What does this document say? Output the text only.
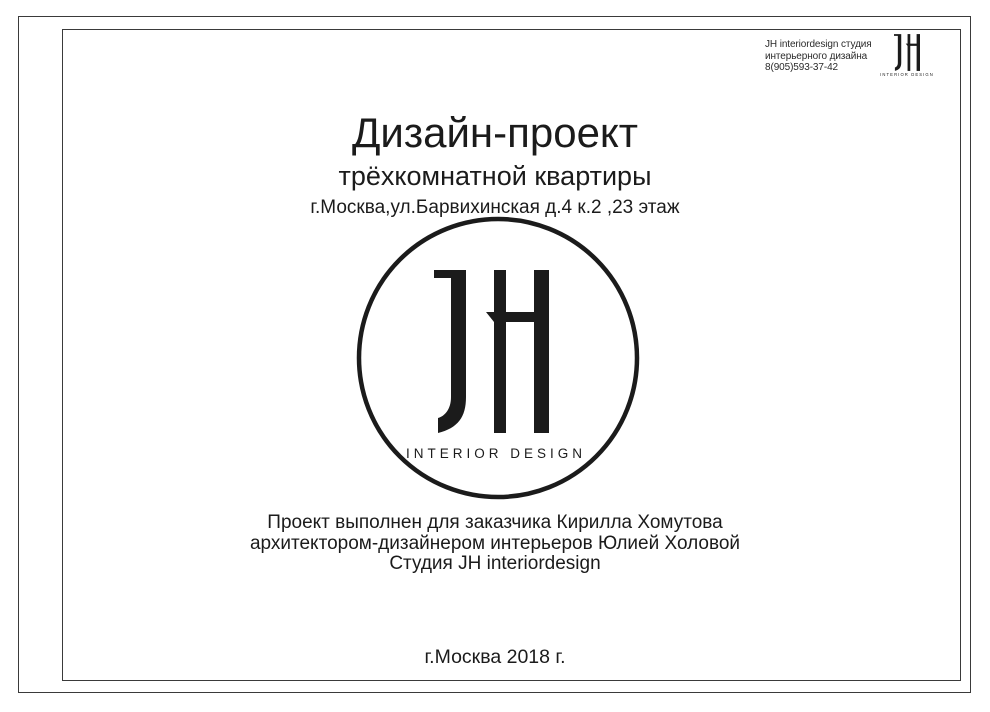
JH interiordesign студия
интерьерного дизайна
8(905)593-37-42
INTERIOR DESIGN
Дизайн-проект
трёхкомнатной квартиры
г.Москва,ул.Барвихинская д.4 к.2 ,23 этаж
INTERIOR DESIGN
Проект выполнен для заказчика Кирилла Хомутова
архитектором-дизайнером интерьеров Юлией Холовой
Студия JH interiordesign
г.Москва 2018 г.
